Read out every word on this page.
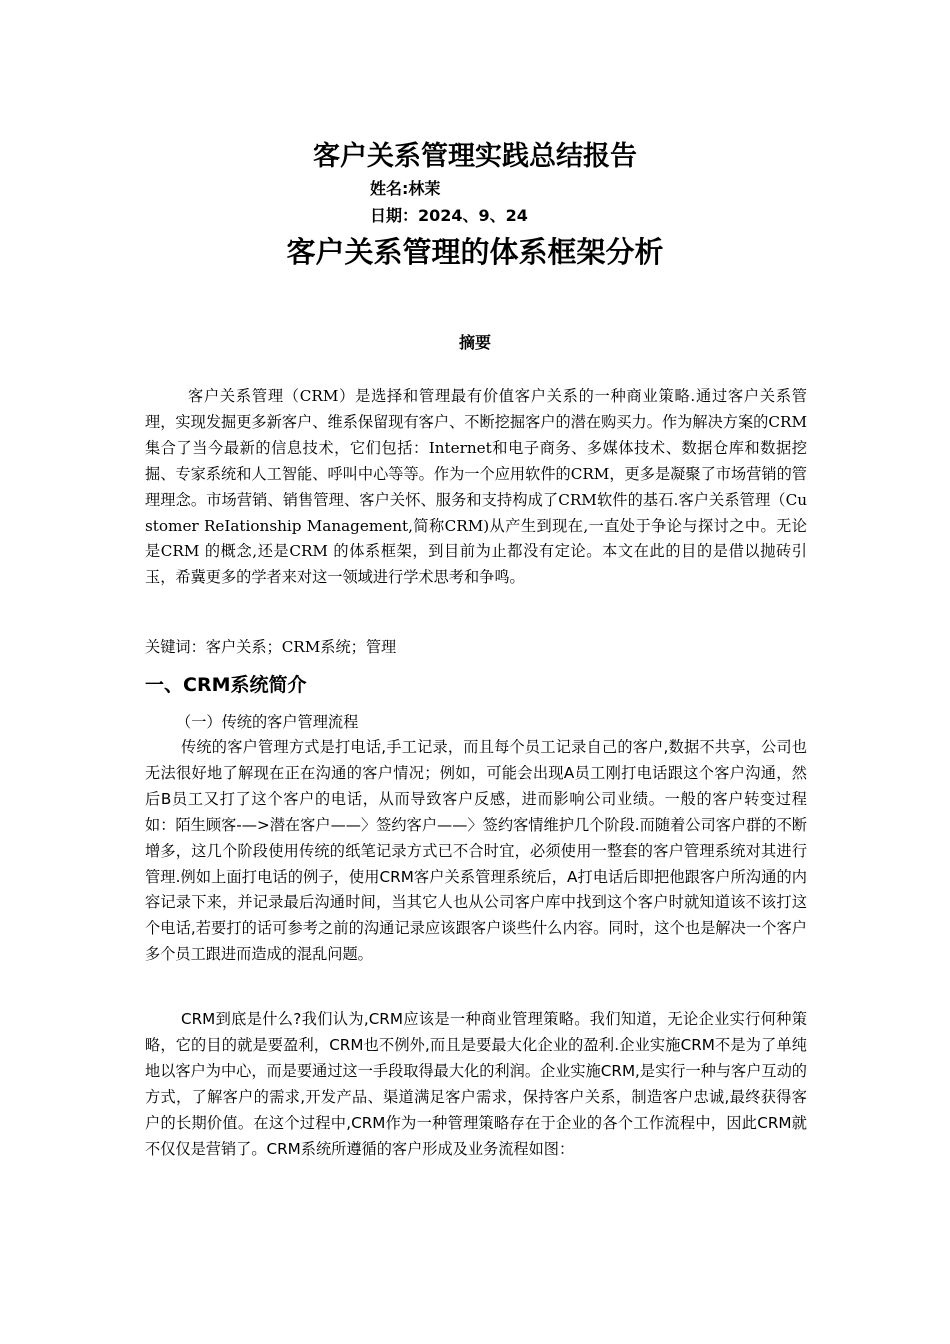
客户关系管理实践总结报告
姓名:林茉
日期：2024、9、24
客户关系管理的体系框架分析
摘要

客户关系管理（CRM）是选择和管理最有价值客户关系的一种商业策略.通过客户关系管理，实现发掘更多新客户、维系保留现有客户、不断挖掘客户的潜在购买力。作为解决方案的CRM集合了当今最新的信息技术，它们包括：Internet和电子商务、多媒体技术、数据仓库和数据挖掘、专家系统和人工智能、呼叫中心等等。作为一个应用软件的CRM，更多是凝聚了市场营销的管理理念。市场营销、销售管理、客户关怀、服务和支持构成了CRM软件的基石.客户关系管理（Customer ReIationship Management,简称CRM)从产生到现在,一直处于争论与探讨之中。无论是CRM 的概念,还是CRM 的体系框架，到目前为止都没有定论。本文在此的目的是借以抛砖引玉，希冀更多的学者来对这一领域进行学术思考和争鸣。

关键词：客户关系；CRM系统；管理
一、CRM系统简介
（一）传统的客户管理流程

传统的客户管理方式是打电话,手工记录，而且每个员工记录自己的客户,数据不共享，公司也无法很好地了解现在正在沟通的客户情况；例如，可能会出现A员工刚打电话跟这个客户沟通，然后B员工又打了这个客户的电话，从而导致客户反感，进而影响公司业绩。一般的客户转变过程如：陌生顾客-—>潜在客户——〉签约客户——〉签约客情维护几个阶段.而随着公司客户群的不断增多，这几个阶段使用传统的纸笔记录方式已不合时宜，必须使用一整套的客户管理系统对其进行管理.例如上面打电话的例子，使用CRM客户关系管理系统后，A打电话后即把他跟客户所沟通的内容记录下来，并记录最后沟通时间，当其它人也从公司客户库中找到这个客户时就知道该不该打这个电话,若要打的话可参考之前的沟通记录应该跟客户谈些什么内容。同时，这个也是解决一个客户多个员工跟进而造成的混乱问题。

CRM到底是什么?我们认为,CRM应该是一种商业管理策略。我们知道，无论企业实行何种策略，它的目的就是要盈利，CRM也不例外,而且是要最大化企业的盈利.企业实施CRM不是为了单纯地以客户为中心，而是要通过这一手段取得最大化的利润。企业实施CRM,是实行一种与客户互动的方式，了解客户的需求,开发产品、渠道满足客户需求，保持客户关系，制造客户忠诚,最终获得客户的长期价值。在这个过程中,CRM作为一种管理策略存在于企业的各个工作流程中，因此CRM就不仅仅是营销了。CRM系统所遵循的客户形成及业务流程如图：
